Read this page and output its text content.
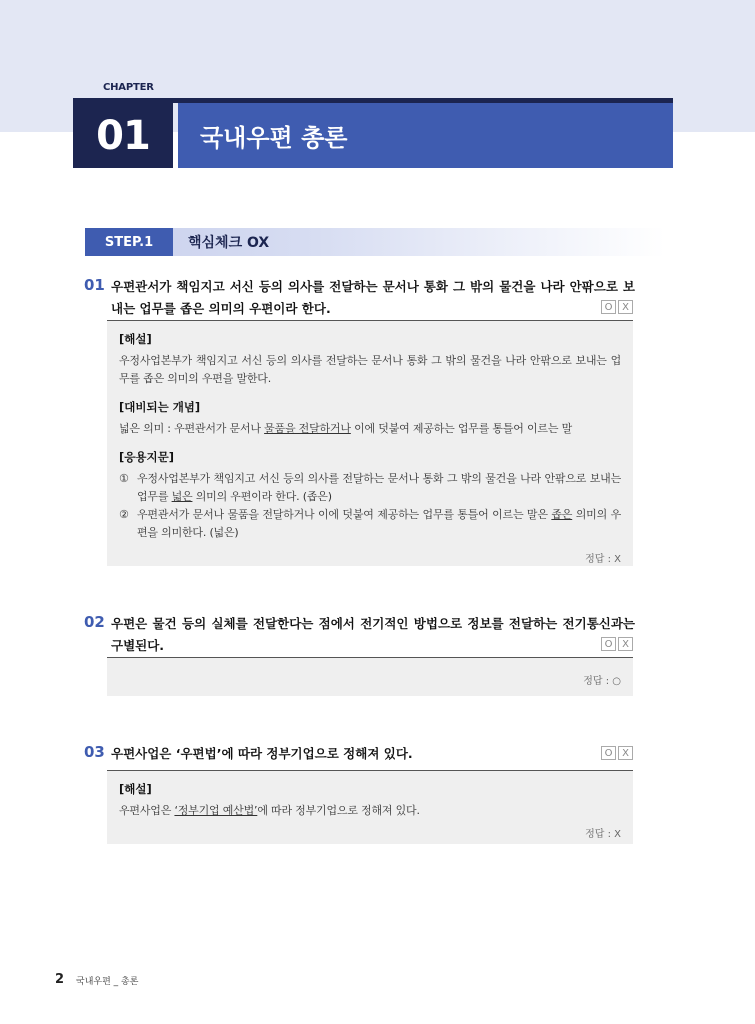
CHAPTER
01	국내우편 총론
STEP.1	핵심체크 OX
01 우편관서가 책임지고 서신 등의 의사를 전달하는 문서나 통화 그 밖의 물건을 나라 안팎으로 보내는 업무를 좁은 의미의 우편이라 한다.	O X
[해설]
우정사업본부가 책임지고 서신 등의 의사를 전달하는 문서나 통화 그 밖의 물건을 나라 안팎으로 보내는 업무를 좁은 의미의 우편을 말한다.
[대비되는 개념]
넓은 의미 : 우편관서가 문서나 물품을 전달하거나 이에 덧붙여 제공하는 업무를 통틀어 이르는 말
[응용지문]
① 우정사업본부가 책임지고 서신 등의 의사를 전달하는 문서나 통화 그 밖의 물건을 나라 안팎으로 보내는 업무를 넓은 의미의 우편이라 한다. (좁은)
② 우편관서가 문서나 물품을 전달하거나 이에 덧붙여 제공하는 업무를 통틀어 이르는 말은 좁은 의미의 우편을 의미한다. (넓은)
정답 : X
02 우편은 물건 등의 실체를 전달한다는 점에서 전기적인 방법으로 정보를 전달하는 전기통신과는 구별된다.	O X
정답 : ○
03 우편사업은 ‘우편법’에 따라 정부기업으로 정해져 있다.	O X
[해설]
우편사업은 ‘정부기업 예산법’에 따라 정부기업으로 정해져 있다.
정답 : X
2 국내우편 _ 총론
